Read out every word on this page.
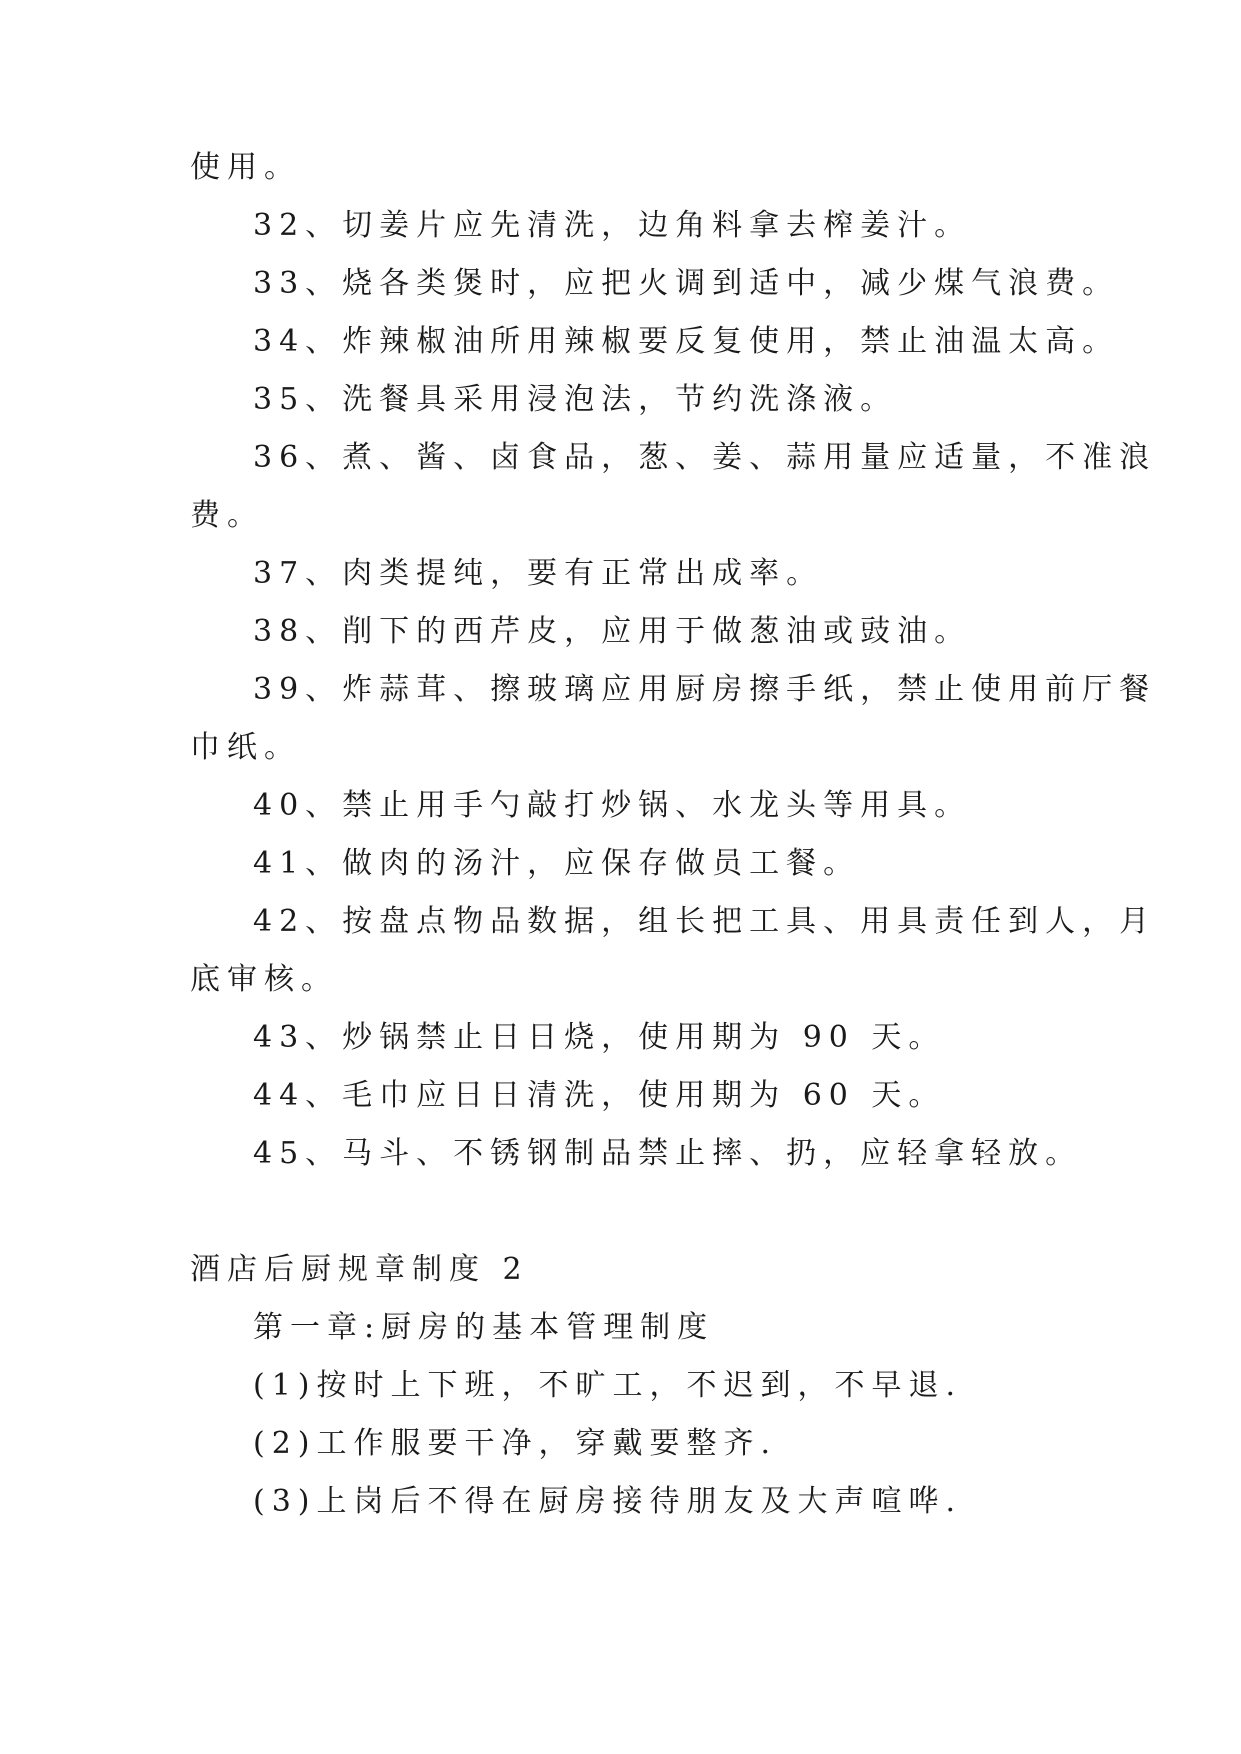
使用。
32、切姜片应先清洗，边角料拿去榨姜汁。
33、烧各类煲时，应把火调到适中，减少煤气浪费。
34、炸辣椒油所用辣椒要反复使用，禁止油温太高。
35、洗餐具采用浸泡法，节约洗涤液。
36、煮、酱、卤食品，葱、姜、蒜用量应适量，不准浪
费。
37、肉类提纯，要有正常出成率。
38、削下的西芹皮，应用于做葱油或豉油。
39、炸蒜茸、擦玻璃应用厨房擦手纸，禁止使用前厅餐
巾纸。
40、禁止用手勺敲打炒锅、水龙头等用具。
41、做肉的汤汁，应保存做员工餐。
42、按盘点物品数据，组长把工具、用具责任到人，月
底审核。
43、炒锅禁止日日烧，使用期为 90 天。
44、毛巾应日日清洗，使用期为 60 天。
45、马斗、不锈钢制品禁止摔、扔，应轻拿轻放。
酒店后厨规章制度 2
第一章:厨房的基本管理制度
(1)按时上下班，不旷工，不迟到，不早退.
(2)工作服要干净，穿戴要整齐.
(3)上岗后不得在厨房接待朋友及大声喧哗.
